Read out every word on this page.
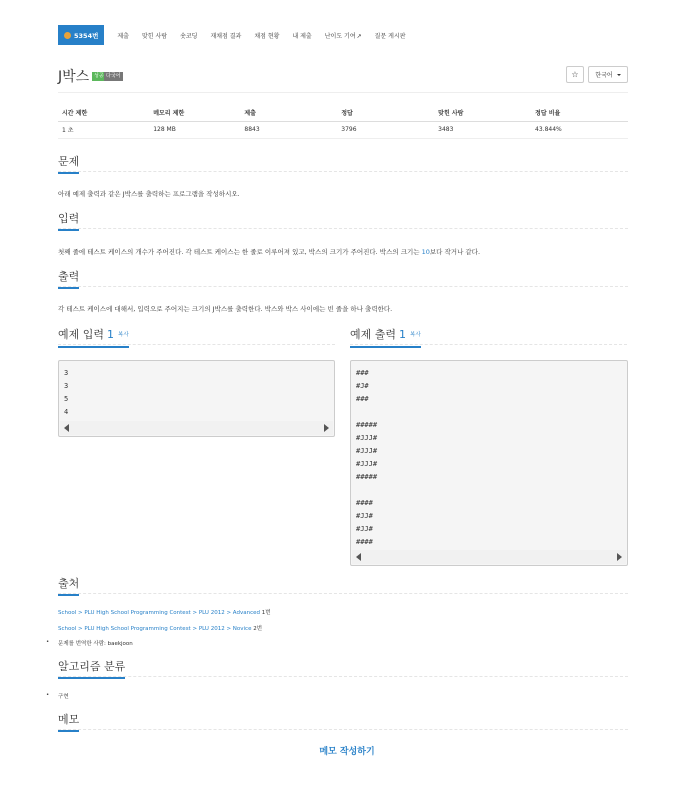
5354번	제출 맞힌 사람 숏코딩 재채점 결과 채점 현황 내 제출 난이도 기여↗ 질문 게시판
J박스 성공 다국어	☆	한국어
시간 제한	메모리 제한	제출	정답	맞힌 사람	정답 비율
1 초	128 MB	8843	3796	3483	43.844%
문제
아래 예제 출력과 같은 J박스를 출력하는 프로그램을 작성하시오.
입력
첫째 줄에 테스트 케이스의 개수가 주어진다. 각 테스트 케이스는 한 줄로 이루어져 있고, 박스의 크기가 주어진다. 박스의 크기는 10보다 작거나 같다.
출력
각 테스트 케이스에 대해서, 입력으로 주어지는 크기의 J박스를 출력한다. 박스와 박스 사이에는 빈 줄을 하나 출력한다.
예제 입력 1 복사
3
3
5
4
예제 출력 1 복사
###
#J#
###

#####
#JJJ#
#JJJ#
#JJJ#
#####

####
#JJ#
#JJ#
####
출처
School > PLU High School Programming Contest > PLU 2012 > Advanced 1번
School > PLU High School Programming Contest > PLU 2012 > Novice 2번
• 문제를 번역한 사람: baekjoon
알고리즘 분류
• 구현
메모
메모 작성하기
